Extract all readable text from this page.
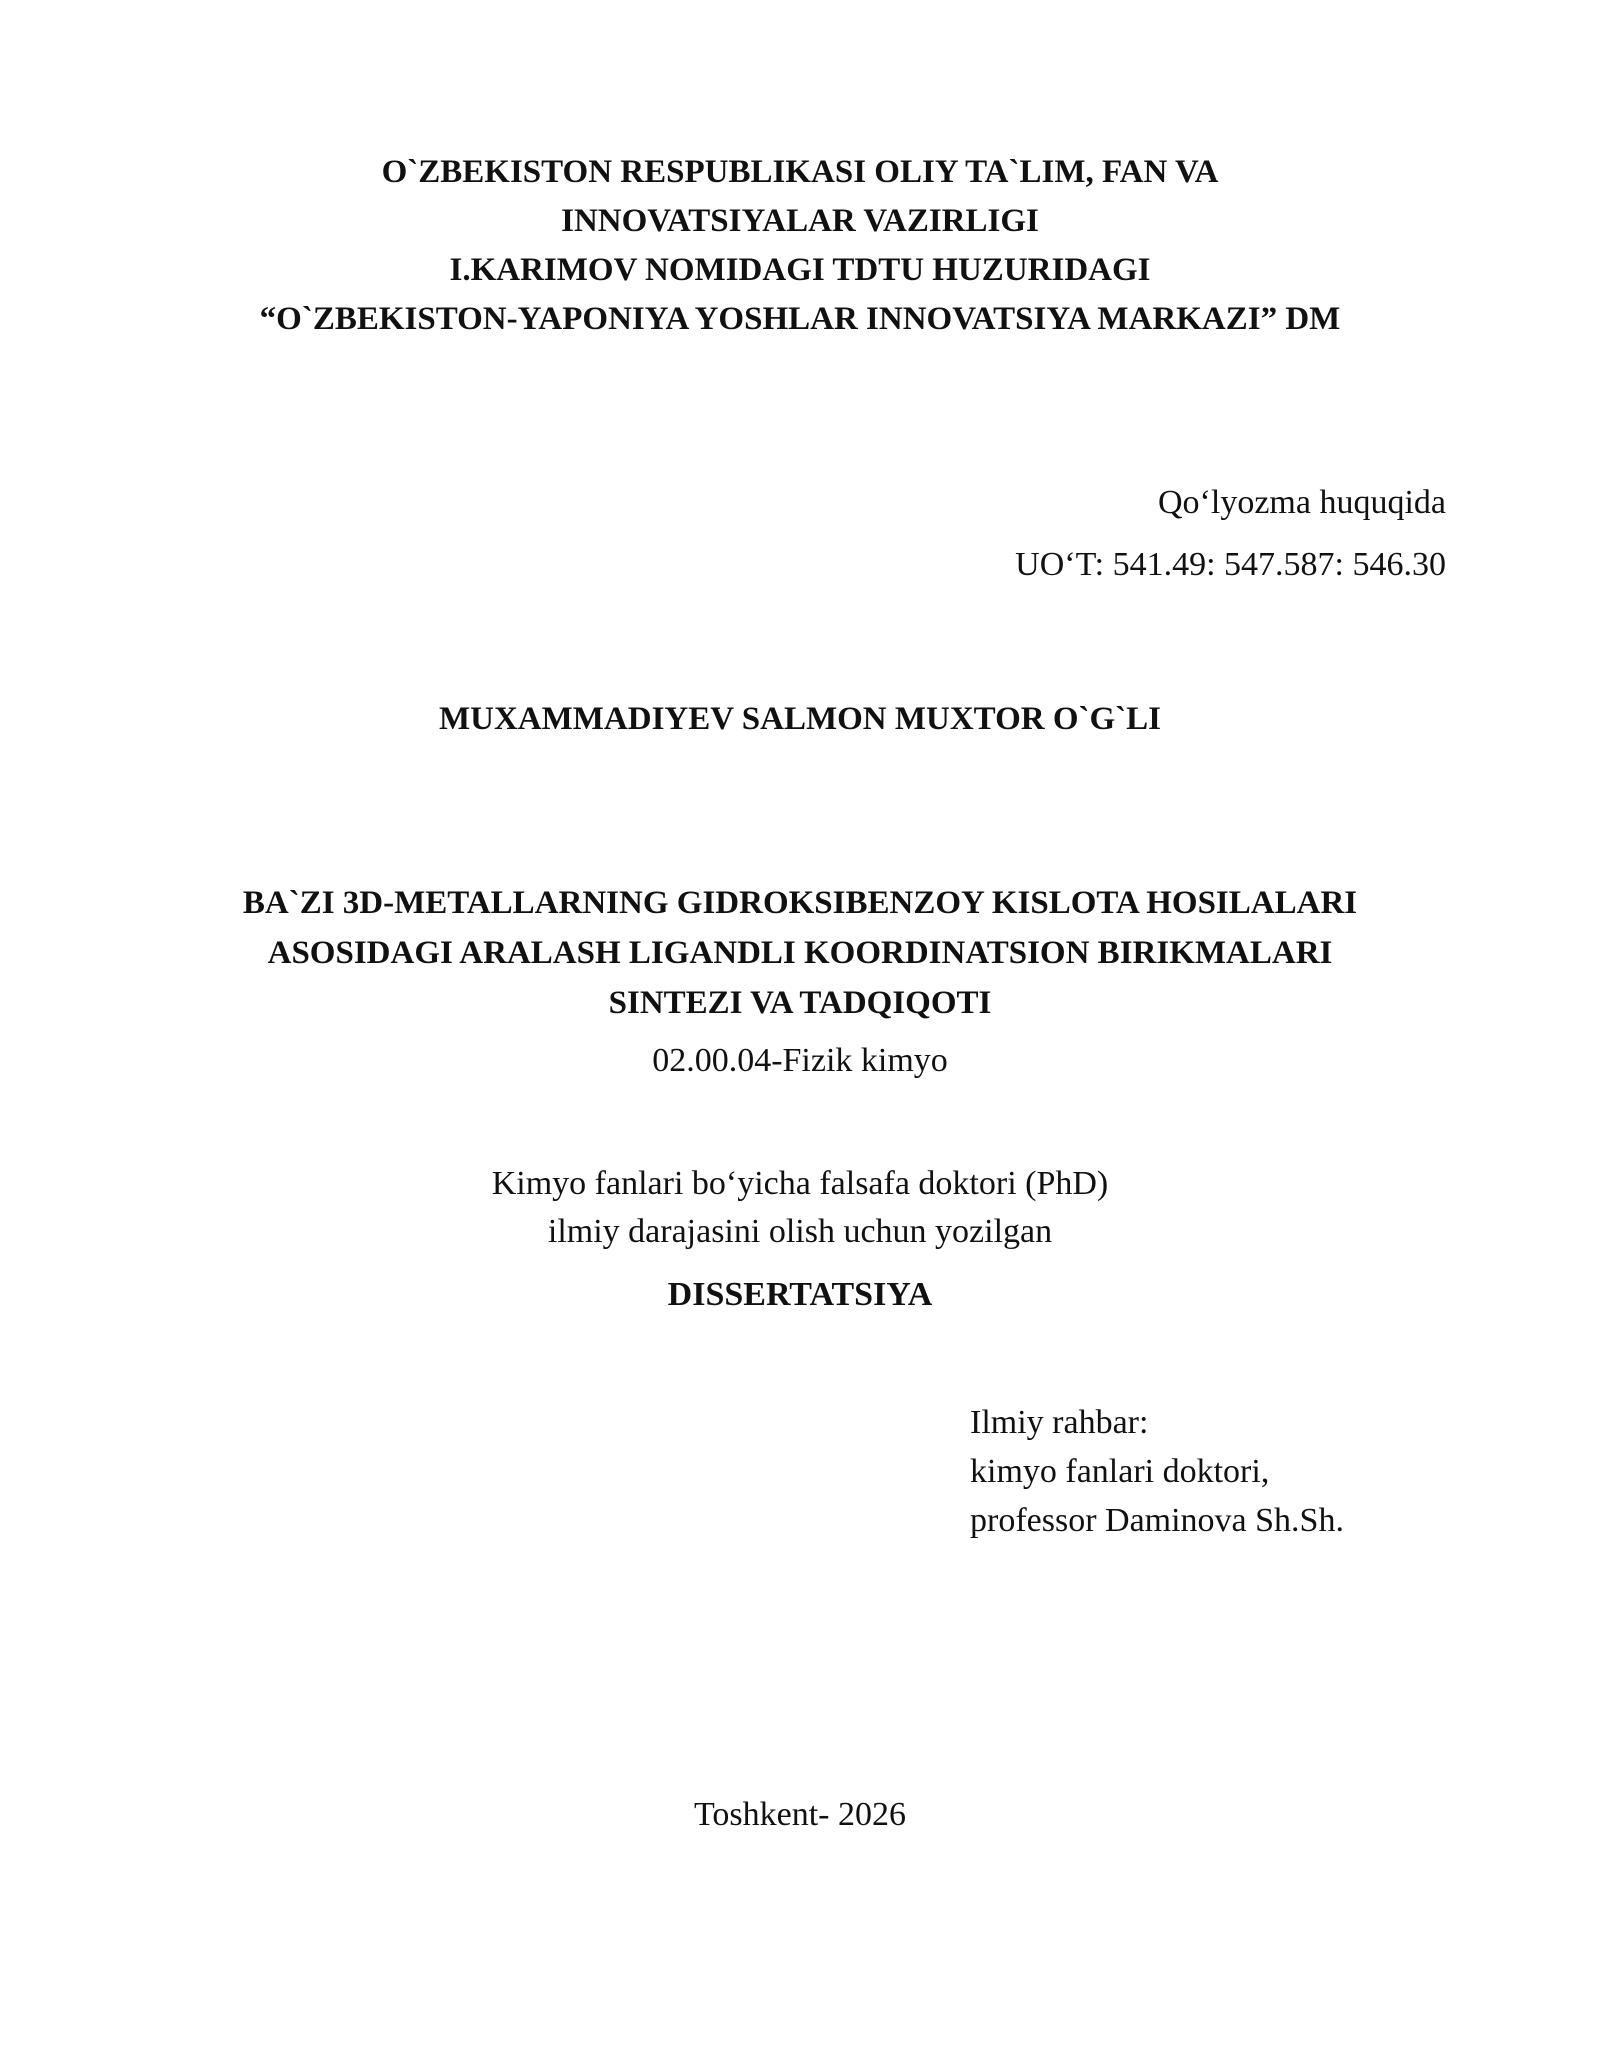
O`ZBEKISTON RESPUBLIKASI OLIY TA`LIM, FAN VA
INNOVATSIYALAR VAZIRLIGI
I.KARIMOV NOMIDAGI TDTU HUZURIDAGI
“O`ZBEKISTON-YAPONIYA YOSHLAR INNOVATSIYA MARKAZI” DM
Qo‘lyozma huquqida
UO‘T: 541.49: 547.587: 546.30
MUXAMMADIYEV SALMON MUXTOR O`G`LI
BA`ZI 3D-METALLARNING GIDROKSIBENZOY KISLOTA HOSILALARI
ASOSIDAGI ARALASH LIGANDLI KOORDINATSION BIRIKMALARI
SINTEZI VA TADQIQOTI
02.00.04-Fizik kimyo
Kimyo fanlari bo‘yicha falsafa doktori (PhD)
ilmiy darajasini olish uchun yozilgan
DISSERTATSIYA
Ilmiy rahbar:
kimyo fanlari doktori,
professor Daminova Sh.Sh.
Toshkent- 2026
